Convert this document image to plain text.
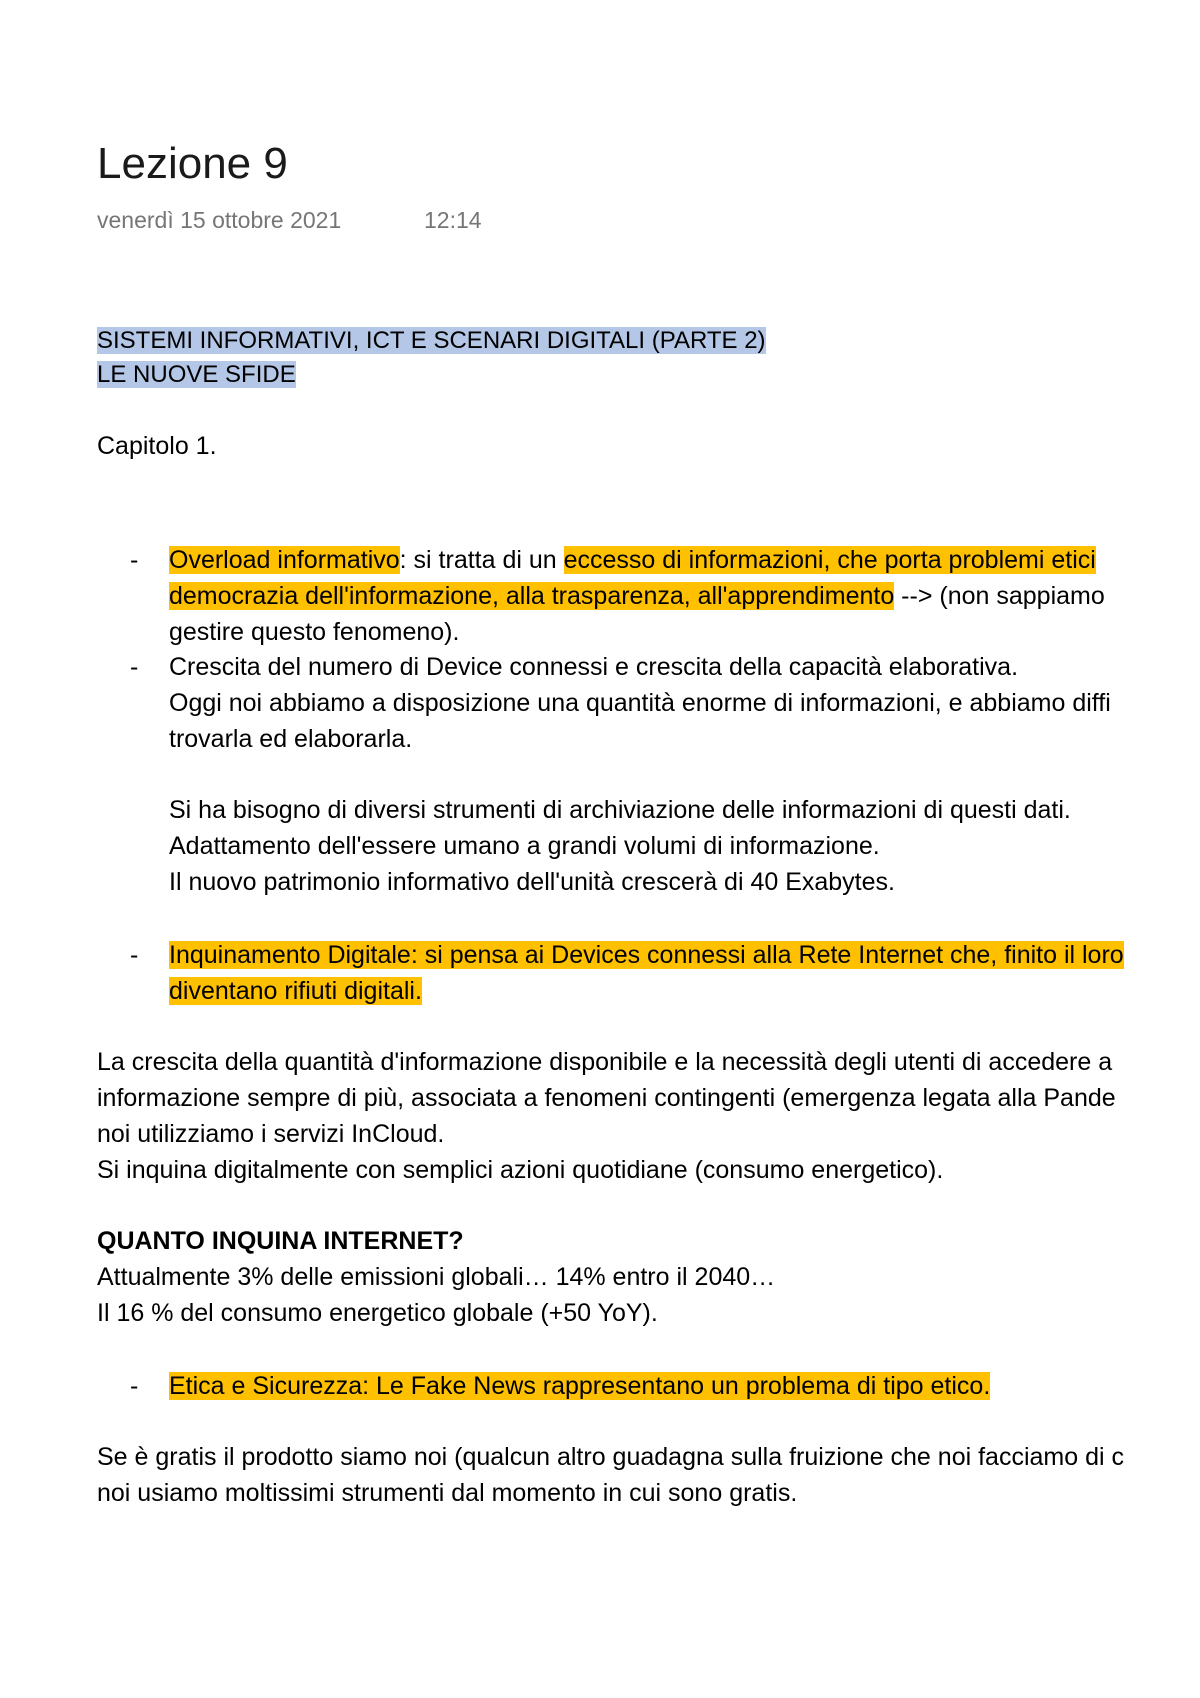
Lezione 9
venerdì 15 ottobre 2021	12:14
SISTEMI INFORMATIVI, ICT E SCENARI DIGITALI (PARTE 2)
LE NUOVE SFIDE
Capitolo 1.
- Overload informativo: si tratta di un eccesso di informazioni, che porta problemi etici
democrazia dell'informazione, alla trasparenza, all'apprendimento --> (non sappiamo
gestire questo fenomeno).
- Crescita del numero di Device connessi e crescita della capacità elaborativa.
Oggi noi abbiamo a disposizione una quantità enorme di informazioni, e abbiamo diffi
trovarla ed elaborarla.
Si ha bisogno di diversi strumenti di archiviazione delle informazioni di questi dati.
Adattamento dell'essere umano a grandi volumi di informazione.
Il nuovo patrimonio informativo dell'unità crescerà di 40 Exabytes.
- Inquinamento Digitale: si pensa ai Devices connessi alla Rete Internet che, finito il loro
diventano rifiuti digitali.
La crescita della quantità d'informazione disponibile e la necessità degli utenti di accedere a
informazione sempre di più, associata a fenomeni contingenti (emergenza legata alla Pande
noi utilizziamo i servizi InCloud.
Si inquina digitalmente con semplici azioni quotidiane (consumo energetico).
QUANTO INQUINA INTERNET?
Attualmente 3% delle emissioni globali… 14% entro il 2040…
Il 16 % del consumo energetico globale (+50 YoY).
- Etica e Sicurezza: Le Fake News rappresentano un problema di tipo etico.
Se è gratis il prodotto siamo noi (qualcun altro guadagna sulla fruizione che noi facciamo di c
noi usiamo moltissimi strumenti dal momento in cui sono gratis.
